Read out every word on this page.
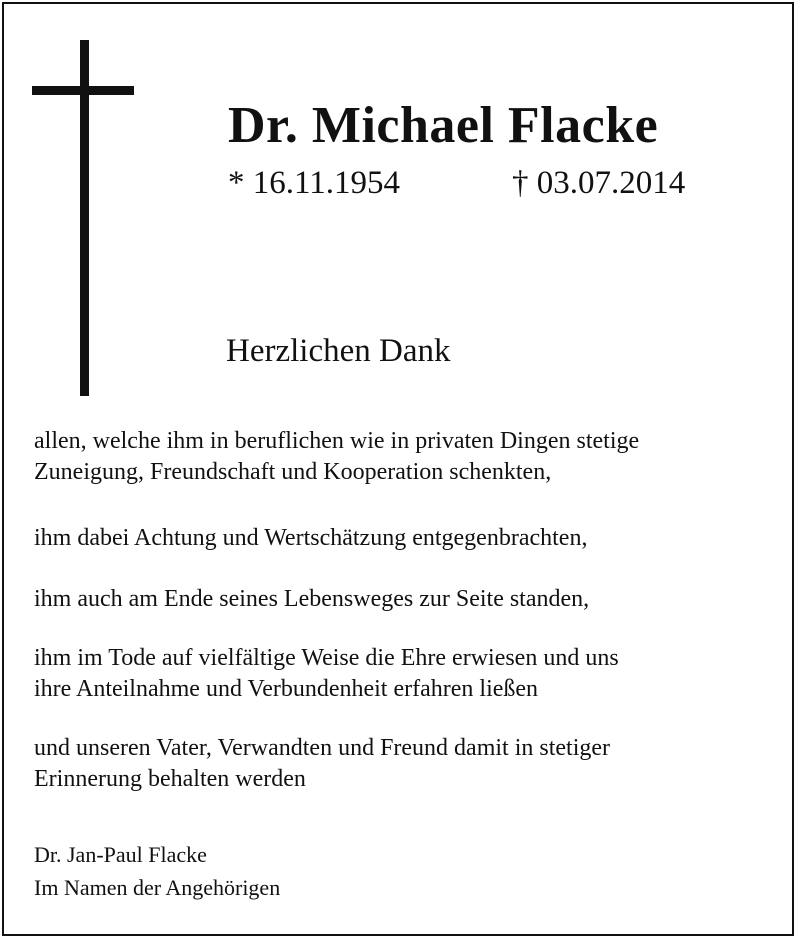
Dr. Michael Flacke
* 16.11.1954	† 03.07.2014
Herzlichen Dank
allen, welche ihm in beruflichen wie in privaten Dingen stetige
Zuneigung, Freundschaft und Kooperation schenkten,
ihm dabei Achtung und Wertschätzung entgegenbrachten,
ihm auch am Ende seines Lebensweges zur Seite standen,
ihm im Tode auf vielfältige Weise die Ehre erwiesen und uns
ihre Anteilnahme und Verbundenheit erfahren ließen
und unseren Vater, Verwandten und Freund damit in stetiger
Erinnerung behalten werden
Dr. Jan-Paul Flacke
Im Namen der Angehörigen
